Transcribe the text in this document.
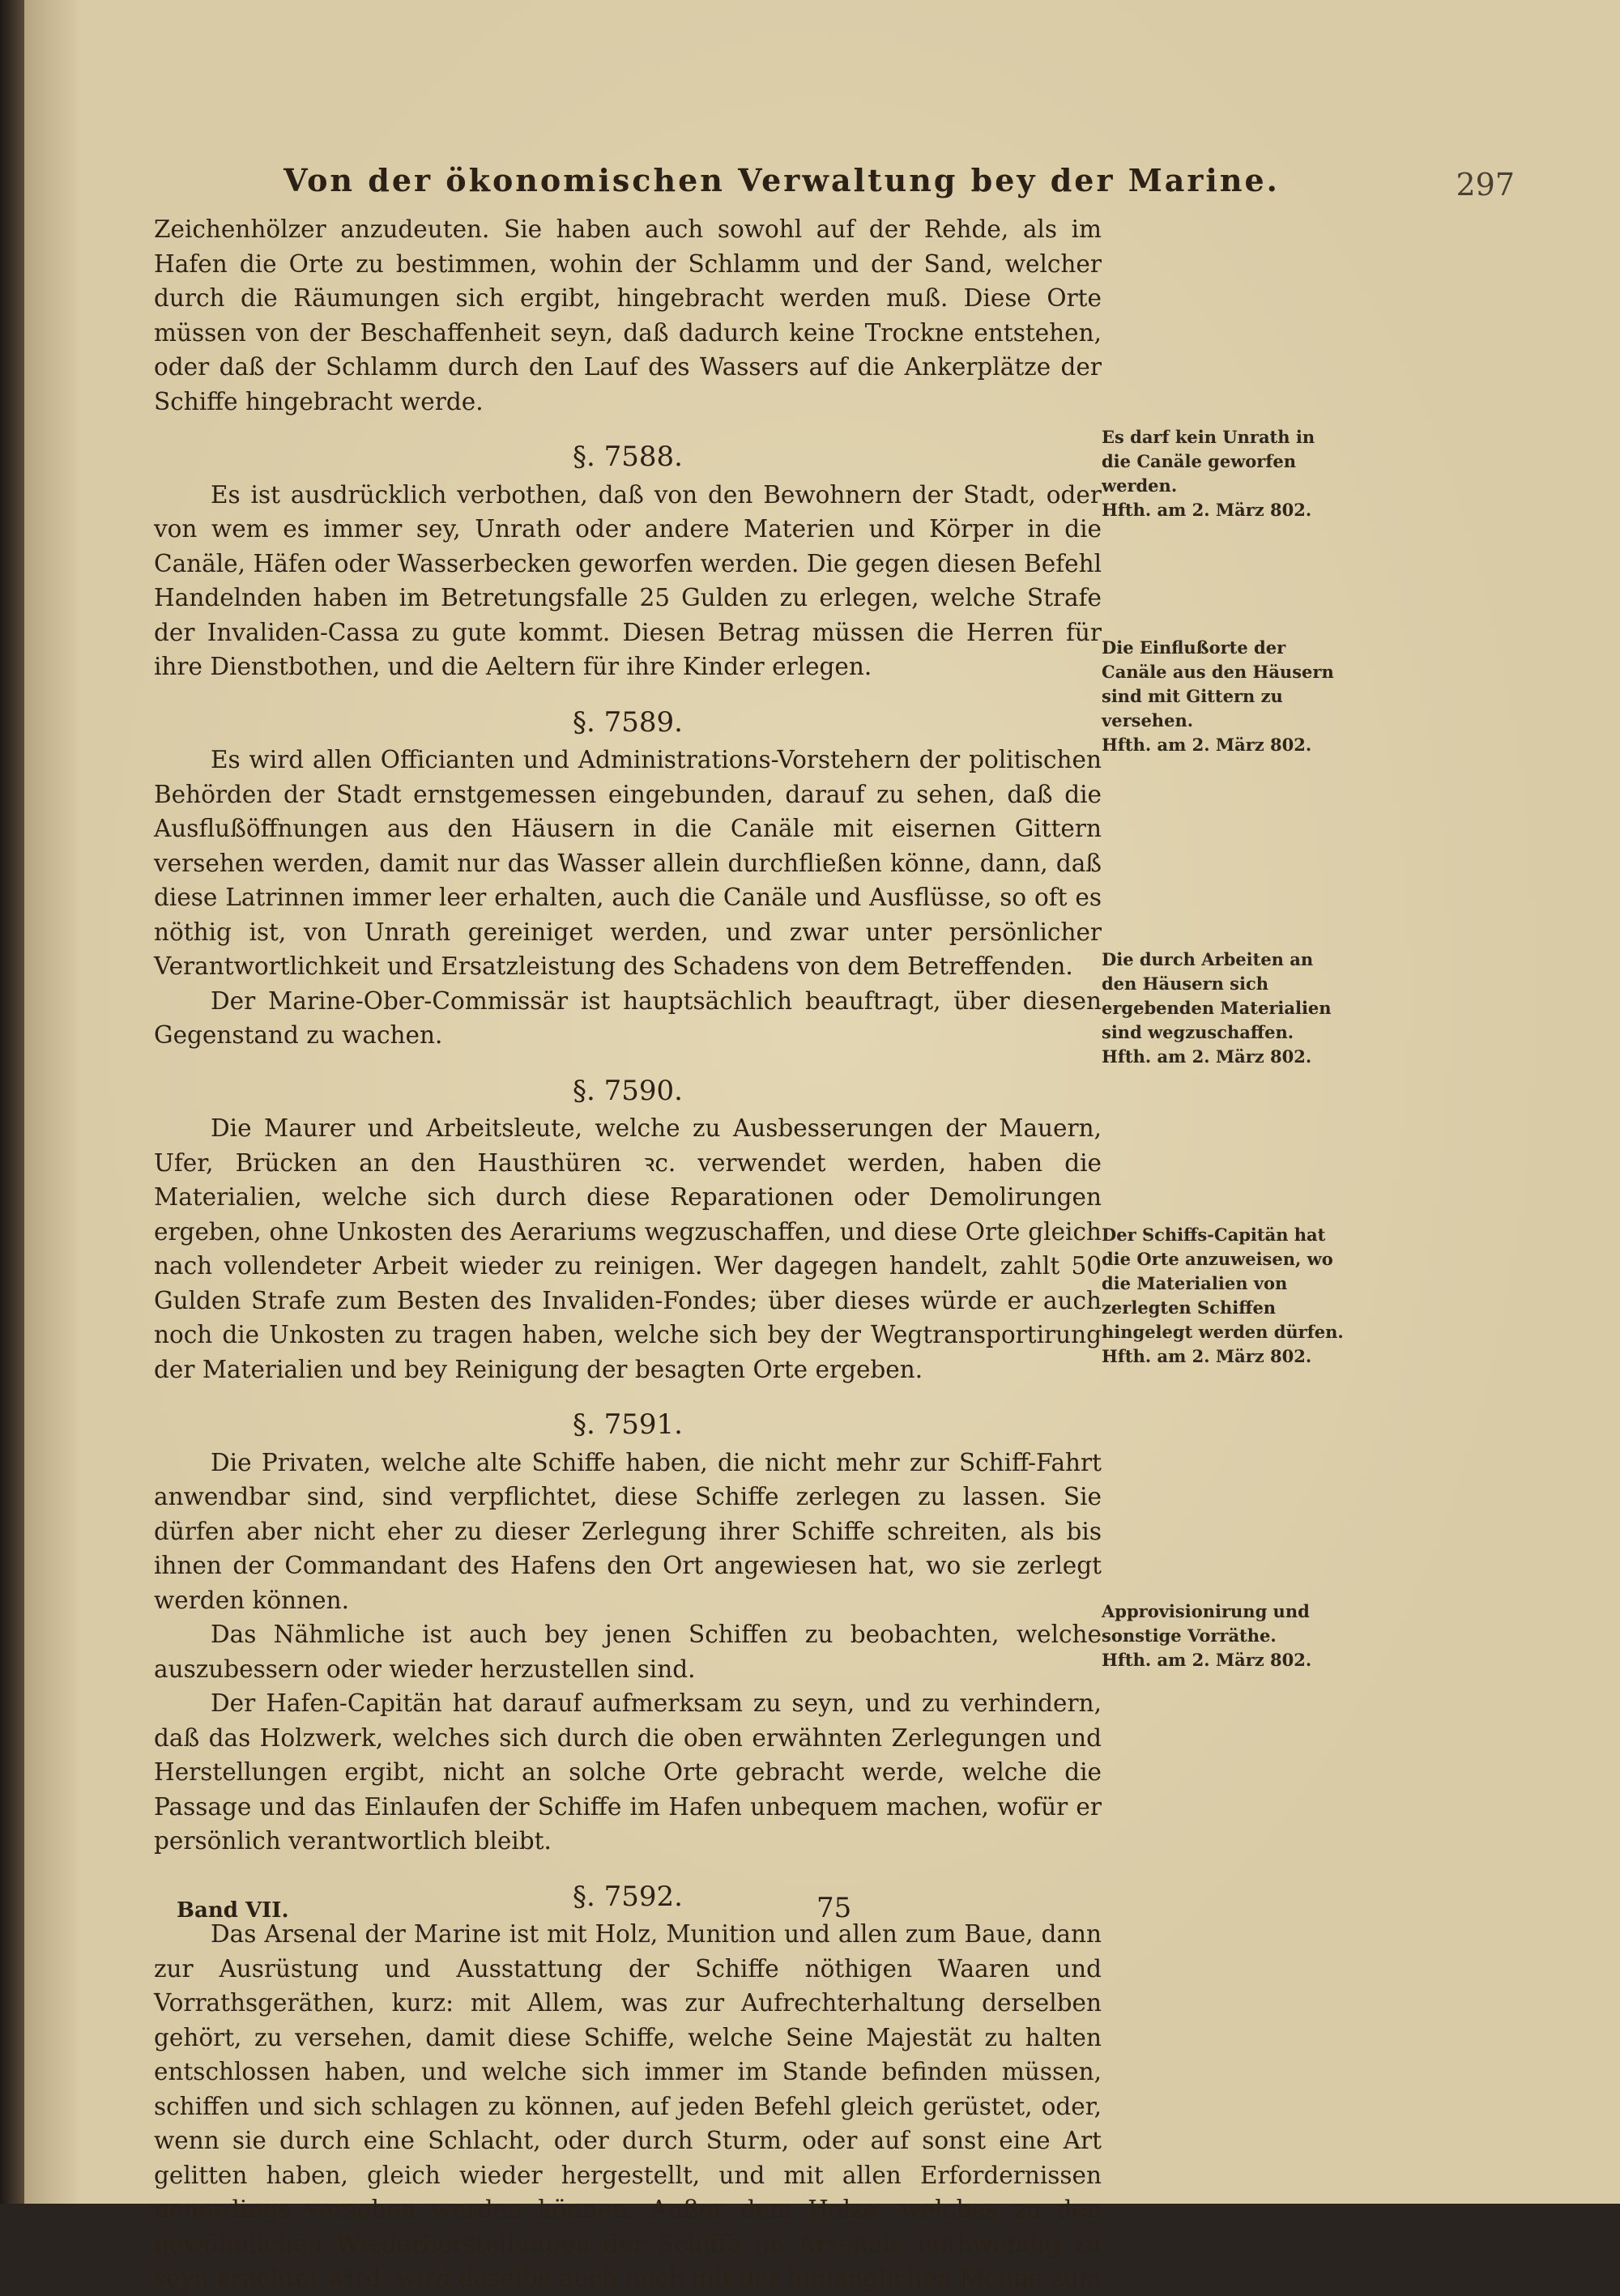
Von der ökonomischen Verwaltung bey der Marine.	297

Zeichenhölzer anzudeuten. Sie haben auch sowohl auf der Rehde, als im Hafen die Orte zu bestimmen, wohin der Schlamm und der Sand, welcher durch die Räumungen sich ergibt, hingebracht werden muß. Diese Orte müssen von der Beschaffenheit seyn, daß dadurch keine Trockne entstehen, oder daß der Schlamm durch den Lauf des Wassers auf die Ankerplätze der Schiffe hingebracht werde.

§. 7588.

Es ist ausdrücklich verbothen, daß von den Bewohnern der Stadt, oder von wem es immer sey, Unrath oder andere Materien und Körper in die Canäle, Häfen oder Wasserbecken geworfen werden. Die gegen diesen Befehl Handelnden haben im Betretungsfalle 25 Gulden zu erlegen, welche Strafe der Invaliden-Cassa zu gute kommt. Diesen Betrag müssen die Herren für ihre Dienstbothen, und die Aeltern für ihre Kinder erlegen.

§. 7589.

Es wird allen Officianten und Administrations-Vorstehern der politischen Behörden der Stadt ernstgemessen eingebunden, darauf zu sehen, daß die Ausflußöffnungen aus den Häusern in die Canäle mit eisernen Gittern versehen werden, damit nur das Wasser allein durchfließen könne, dann, daß diese Latrinnen immer leer erhalten, auch die Canäle und Ausflüsse, so oft es nöthig ist, von Unrath gereiniget werden, und zwar unter persönlicher Verantwortlichkeit und Ersatzleistung des Schadens von dem Betreffenden.

Der Marine-Ober-Commissär ist hauptsächlich beauftragt, über diesen Gegenstand zu wachen.

§. 7590.

Die Maurer und Arbeitsleute, welche zu Ausbesserungen der Mauern, Ufer, Brücken an den Hausthüren ꝛc. verwendet werden, haben die Materialien, welche sich durch diese Reparationen oder Demolirungen ergeben, ohne Unkosten des Aerariums wegzuschaffen, und diese Orte gleich nach vollendeter Arbeit wieder zu reinigen. Wer dagegen handelt, zahlt 50 Gulden Strafe zum Besten des Invaliden-Fondes; über dieses würde er auch noch die Unkosten zu tragen haben, welche sich bey der Wegtransportirung der Materialien und bey Reinigung der besagten Orte ergeben.

§. 7591.

Die Privaten, welche alte Schiffe haben, die nicht mehr zur Schiff-Fahrt anwendbar sind, sind verpflichtet, diese Schiffe zerlegen zu lassen. Sie dürfen aber nicht eher zu dieser Zerlegung ihrer Schiffe schreiten, als bis ihnen der Commandant des Hafens den Ort angewiesen hat, wo sie zerlegt werden können.

Das Nähmliche ist auch bey jenen Schiffen zu beobachten, welche auszubessern oder wieder herzustellen sind.

Der Hafen-Capitän hat darauf aufmerksam zu seyn, und zu verhindern, daß das Holzwerk, welches sich durch die oben erwähnten Zerlegungen und Herstellungen ergibt, nicht an solche Orte gebracht werde, welche die Passage und das Einlaufen der Schiffe im Hafen unbequem machen, wofür er persönlich verantwortlich bleibt.

§. 7592.

Das Arsenal der Marine ist mit Holz, Munition und allen zum Baue, dann zur Ausrüstung und Ausstattung der Schiffe nöthigen Waaren und Vorrathsgeräthen, kurz: mit Allem, was zur Aufrechterhaltung derselben gehört, zu versehen, damit diese Schiffe, welche Seine Majestät zu halten entschlossen haben, und welche sich immer im Stande befinden müssen, schiffen und sich schlagen zu können, auf jeden Befehl gleich gerüstet, oder, wenn sie durch eine Schlacht, oder durch Sturm, oder auf sonst eine Art gelitten haben, gleich wieder hergestellt, und mit allen Erfordernissen neuerdings versehen werden können. Außer dem Holze, welches zu den gewöhnlichen Wiederherstellungen der Schiffe im Arsenale nothwendig zu seyn erachtet wird, wird daselbe auch noch mit der hinlänglichen Menge zum

Es darf kein Unrath in die Canäle geworfen werden.
Hfth. am 2. März 802.
Die Einflußorte der Canäle aus den Häusern sind mit Gittern zu versehen.
Hfth. am 2. März 802.
Die durch Arbeiten an den Häusern sich ergebenden Materialien sind wegzuschaffen.
Hfth. am 2. März 802.
Der Schiffs-Capitän hat die Orte anzuweisen, wo die Materialien von zerlegten Schiffen hingelegt werden dürfen.
Hfth. am 2. März 802.
Approvisionirung und sonstige Vorräthe.
Hfth. am 2. März 802.
Band VII.	75
